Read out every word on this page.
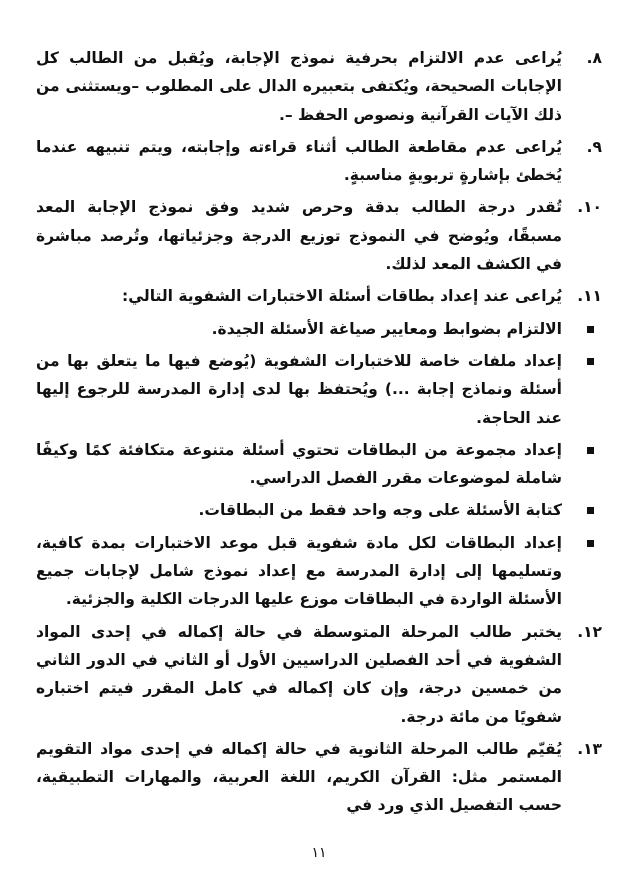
٨.
يُراعى عدم الالتزام بحرفية نموذج الإجابة، ويُقبل من الطالب كل الإجابات الصحيحة، ويُكتفى بتعبيره الدال على المطلوب –ويستثنى من ذلك الآيات القرآنية ونصوص الحفظ –.
٩.
يُراعى عدم مقاطعة الطالب أثناء قراءته وإجابته، ويتم تنبيهه عندما يُخطئ بإشارةٍ تربويةٍ مناسبةٍ.
١٠.
تُقدر درجة الطالب بدقة وحرص شديد وفق نموذج الإجابة المعد مسبقًا، ويُوضح في النموذج توزيع الدرجة وجزئياتها، وتُرصد مباشرة في الكشف المعد لذلك.
١١.
يُراعى عند إعداد بطاقات أسئلة الاختبارات الشفوية التالي:
الالتزام بضوابط ومعايير صياغة الأسئلة الجيدة.
إعداد ملفات خاصة للاختبارات الشفوية (يُوضع فيها ما يتعلق بها من أسئلة ونماذج إجابة ...) ويُحتفظ بها لدى إدارة المدرسة للرجوع إليها عند الحاجة.
إعداد مجموعة من البطاقات تحتوي أسئلة متنوعة متكافئة كمًا وكيفًا شاملة لموضوعات مقرر الفصل الدراسي.
كتابة الأسئلة على وجه واحد فقط من البطاقات.
إعداد البطاقات لكل مادة شفوية قبل موعد الاختبارات بمدة كافية، وتسليمها إلى إدارة المدرسة مع إعداد نموذج شامل لإجابات جميع الأسئلة الواردة في البطاقات موزع عليها الدرجات الكلية والجزئية.
١٢.
يختبر طالب المرحلة المتوسطة في حالة إكماله في إحدى المواد الشفوية في أحد الفصلين الدراسيين الأول أو الثاني في الدور الثاني من خمسين درجة، وإن كان إكماله في كامل المقرر فيتم اختباره شفويًا من مائة درجة.
١٣.
يُقيّم طالب المرحلة الثانوية في حالة إكماله في إحدى مواد التقويم المستمر مثل: القرآن الكريم، اللغة العربية، والمهارات التطبيقية، حسب التفصيل الذي ورد في
١١
